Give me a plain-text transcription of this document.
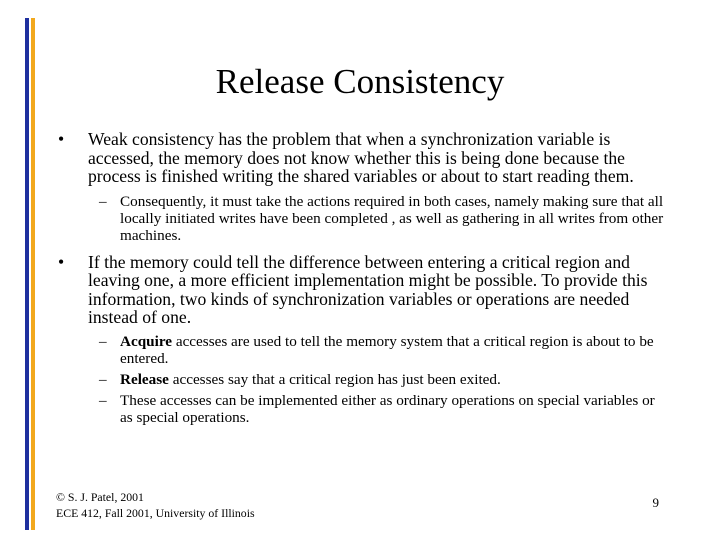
Release Consistency
•	Weak consistency has the problem that when a synchronization variable is accessed, the memory does not know whether this is being done because the process is finished writing the shared variables or about to start reading them.
– Consequently, it must take the actions required in both cases, namely making sure that all locally initiated writes have been completed , as well as gathering in all writes from other machines.
•	If the memory could tell the difference between entering a critical region and leaving one, a more efficient implementation might be possible. To provide this information, two kinds of synchronization variables or operations are needed instead of one.
– Acquire accesses are used to tell the memory system that a critical region is about to be entered.
– Release accesses say that a critical region has just been exited.
– These accesses can be implemented either as ordinary operations on special variables or as special operations.
© S. J. Patel, 2001
ECE 412, Fall 2001, University of Illinois
9
